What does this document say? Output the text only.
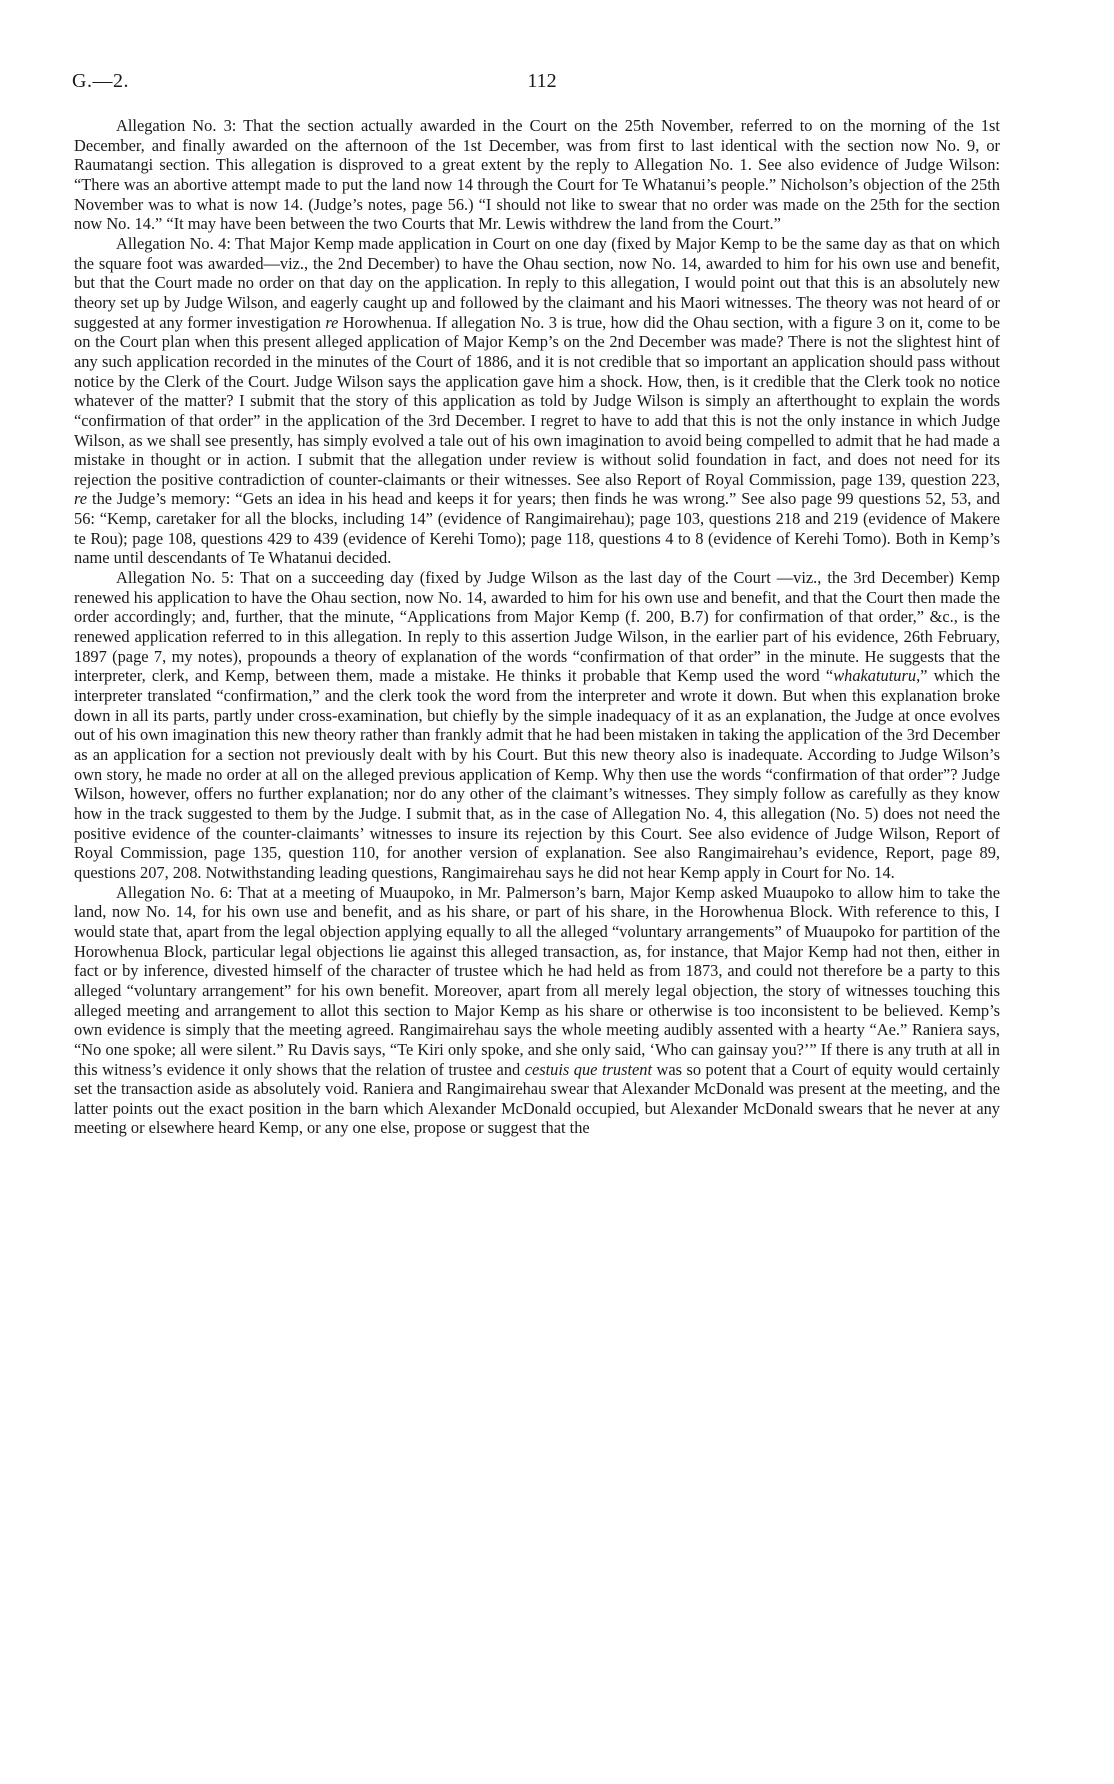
G.—2.	112

Allegation No. 3: That the section actually awarded in the Court on the 25th November, referred to on the morning of the 1st December, and finally awarded on the afternoon of the 1st December, was from first to last identical with the section now No. 9, or Raumatangi section. This allegation is disproved to a great extent by the reply to Allegation No. 1. See also evidence of Judge Wilson: “There was an abortive attempt made to put the land now 14 through the Court for Te Whatanui’s people.” Nicholson’s objection of the 25th November was to what is now 14. (Judge’s notes, page 56.) “I should not like to swear that no order was made on the 25th for the section now No. 14.” “It may have been between the two Courts that Mr. Lewis withdrew the land from the Court.”

Allegation No. 4: That Major Kemp made application in Court on one day (fixed by Major Kemp to be the same day as that on which the square foot was awarded—viz., the 2nd December) to have the Ohau section, now No. 14, awarded to him for his own use and benefit, but that the Court made no order on that day on the application. In reply to this allegation, I would point out that this is an absolutely new theory set up by Judge Wilson, and eagerly caught up and followed by the claimant and his Maori witnesses. The theory was not heard of or suggested at any former investigation re Horowhenua. If allegation No. 3 is true, how did the Ohau section, with a figure 3 on it, come to be on the Court plan when this present alleged application of Major Kemp’s on the 2nd December was made? There is not the slightest hint of any such application recorded in the minutes of the Court of 1886, and it is not credible that so important an application should pass without notice by the Clerk of the Court. Judge Wilson says the application gave him a shock. How, then, is it credible that the Clerk took no notice whatever of the matter? I submit that the story of this application as told by Judge Wilson is simply an afterthought to explain the words “confirmation of that order” in the application of the 3rd December. I regret to have to add that this is not the only instance in which Judge Wilson, as we shall see presently, has simply evolved a tale out of his own imagination to avoid being compelled to admit that he had made a mistake in thought or in action. I submit that the allegation under review is without solid foundation in fact, and does not need for its rejection the positive contradiction of counter-claimants or their witnesses. See also Report of Royal Commission, page 139, question 223, re the Judge’s memory: “Gets an idea in his head and keeps it for years; then finds he was wrong.” See also page 99 questions 52, 53, and 56: “Kemp, caretaker for all the blocks, including 14” (evidence of Rangimairehau); page 103, questions 218 and 219 (evidence of Makere te Rou); page 108, questions 429 to 439 (evidence of Kerehi Tomo); page 118, questions 4 to 8 (evidence of Kerehi Tomo). Both in Kemp’s name until descendants of Te Whatanui decided.

Allegation No. 5: That on a succeeding day (fixed by Judge Wilson as the last day of the Court —viz., the 3rd December) Kemp renewed his application to have the Ohau section, now No. 14, awarded to him for his own use and benefit, and that the Court then made the order accordingly; and, further, that the minute, “Applications from Major Kemp (f. 200, B.7) for confirmation of that order,” &c., is the renewed application referred to in this allegation. In reply to this assertion Judge Wilson, in the earlier part of his evidence, 26th February, 1897 (page 7, my notes), propounds a theory of explanation of the words “confirmation of that order” in the minute. He suggests that the interpreter, clerk, and Kemp, between them, made a mistake. He thinks it probable that Kemp used the word “whakatuturu,” which the interpreter translated “confirmation,” and the clerk took the word from the interpreter and wrote it down. But when this explanation broke down in all its parts, partly under cross-examination, but chiefly by the simple inadequacy of it as an explanation, the Judge at once evolves out of his own imagination this new theory rather than frankly admit that he had been mistaken in taking the application of the 3rd December as an application for a section not previously dealt with by his Court. But this new theory also is inadequate. According to Judge Wilson’s own story, he made no order at all on the alleged previous application of Kemp. Why then use the words “confirmation of that order”? Judge Wilson, however, offers no further explanation; nor do any other of the claimant’s witnesses. They simply follow as carefully as they know how in the track suggested to them by the Judge. I submit that, as in the case of Allegation No. 4, this allegation (No. 5) does not need the positive evidence of the counter-claimants’ witnesses to insure its rejection by this Court. See also evidence of Judge Wilson, Report of Royal Commission, page 135, question 110, for another version of explanation. See also Rangimairehau’s evidence, Report, page 89, questions 207, 208. Notwithstanding leading questions, Rangimairehau says he did not hear Kemp apply in Court for No. 14.

Allegation No. 6: That at a meeting of Muaupoko, in Mr. Palmerson’s barn, Major Kemp asked Muaupoko to allow him to take the land, now No. 14, for his own use and benefit, and as his share, or part of his share, in the Horowhenua Block. With reference to this, I would state that, apart from the legal objection applying equally to all the alleged “voluntary arrangements” of Muaupoko for partition of the Horowhenua Block, particular legal objections lie against this alleged transaction, as, for instance, that Major Kemp had not then, either in fact or by inference, divested himself of the character of trustee which he had held as from 1873, and could not therefore be a party to this alleged “voluntary arrangement” for his own benefit. Moreover, apart from all merely legal objection, the story of witnesses touching this alleged meeting and arrangement to allot this section to Major Kemp as his share or otherwise is too inconsistent to be believed. Kemp’s own evidence is simply that the meeting agreed. Rangimairehau says the whole meeting audibly assented with a hearty “Ae.” Raniera says, “No one spoke; all were silent.” Ru Davis says, “Te Kiri only spoke, and she only said, ‘Who can gainsay you?’” If there is any truth at all in this witness’s evidence it only shows that the relation of trustee and cestuis que trustent was so potent that a Court of equity would certainly set the transaction aside as absolutely void. Raniera and Rangimairehau swear that Alexander McDonald was present at the meeting, and the latter points out the exact position in the barn which Alexander McDonald occupied, but Alexander McDonald swears that he never at any meeting or elsewhere heard Kemp, or any one else, propose or suggest that the
